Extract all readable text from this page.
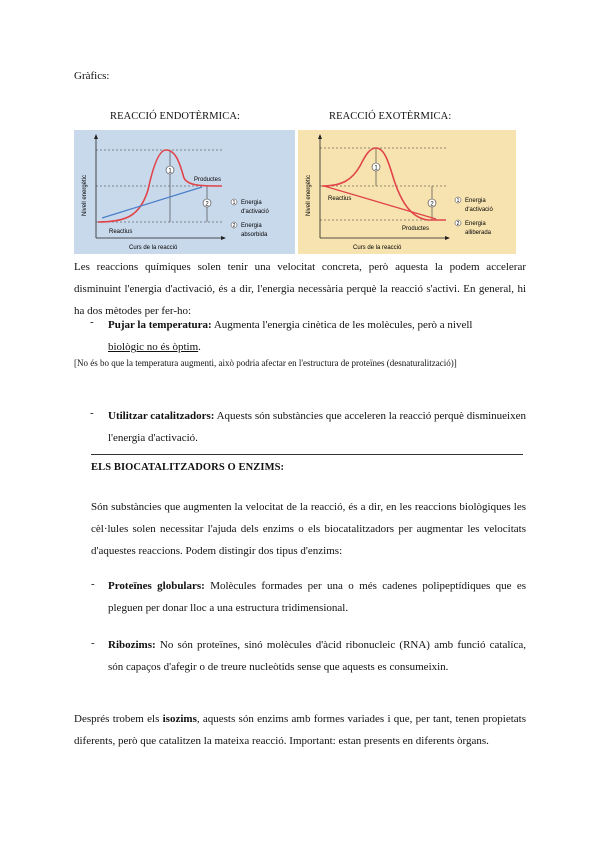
Gràfics:
REACCIÓ ENDOTÈRMICA:	REACCIÓ EXOTÈRMICA:
1
2
Productes
Reactius
Nivell energètic
Curs de la reacció
1 Energia
d'activació
2 Energia
absorbida
1
2
Reactius
Productes
Nivell energètic
Curs de la reacció
1 Energia
d'activació
2 Energia
alliberada
Les reaccions químiques solen tenir una velocitat concreta, però aquesta la podem accelerar disminuint l'energia d'activació, és a dir, l'energia necessària perquè la reacció s'activi. En general, hi ha dos mètodes per fer-ho:
- Pujar la temperatura: Augmenta l'energia cinètica de les molècules, però a nivell
biològic no és òptim.
[No és bo que la temperatura augmenti, això podria afectar en l'estructura de proteïnes (desnaturalització)]
- Utilitzar catalitzadors: Aquests són substàncies que acceleren la reacció perquè disminueixen l'energia d'activació.
ELS BIOCATALITZADORS O ENZIMS:
Són substàncies que augmenten la velocitat de la reacció, és a dir, en les reaccions biològiques les cèl·lules solen necessitar l'ajuda dels enzims o els biocatalitzadors per augmentar les velocitats d'aquestes reaccions. Podem distingir dos tipus d'enzims:
- Proteïnes globulars: Molècules formades per una o més cadenes polipeptídiques que es pleguen per donar lloc a una estructura tridimensional.
- Ribozims: No són proteïnes, sinó molècules d'àcid ribonucleic (RNA) amb funció catalíca, són capaços d'afegir o de treure nucleòtids sense que aquests es consumeixin.
Després trobem els isozims, aquests són enzims amb formes variades i que, per tant, tenen propietats diferents, però que catalitzen la mateixa reacció. Important: estan presents en diferents òrgans.
